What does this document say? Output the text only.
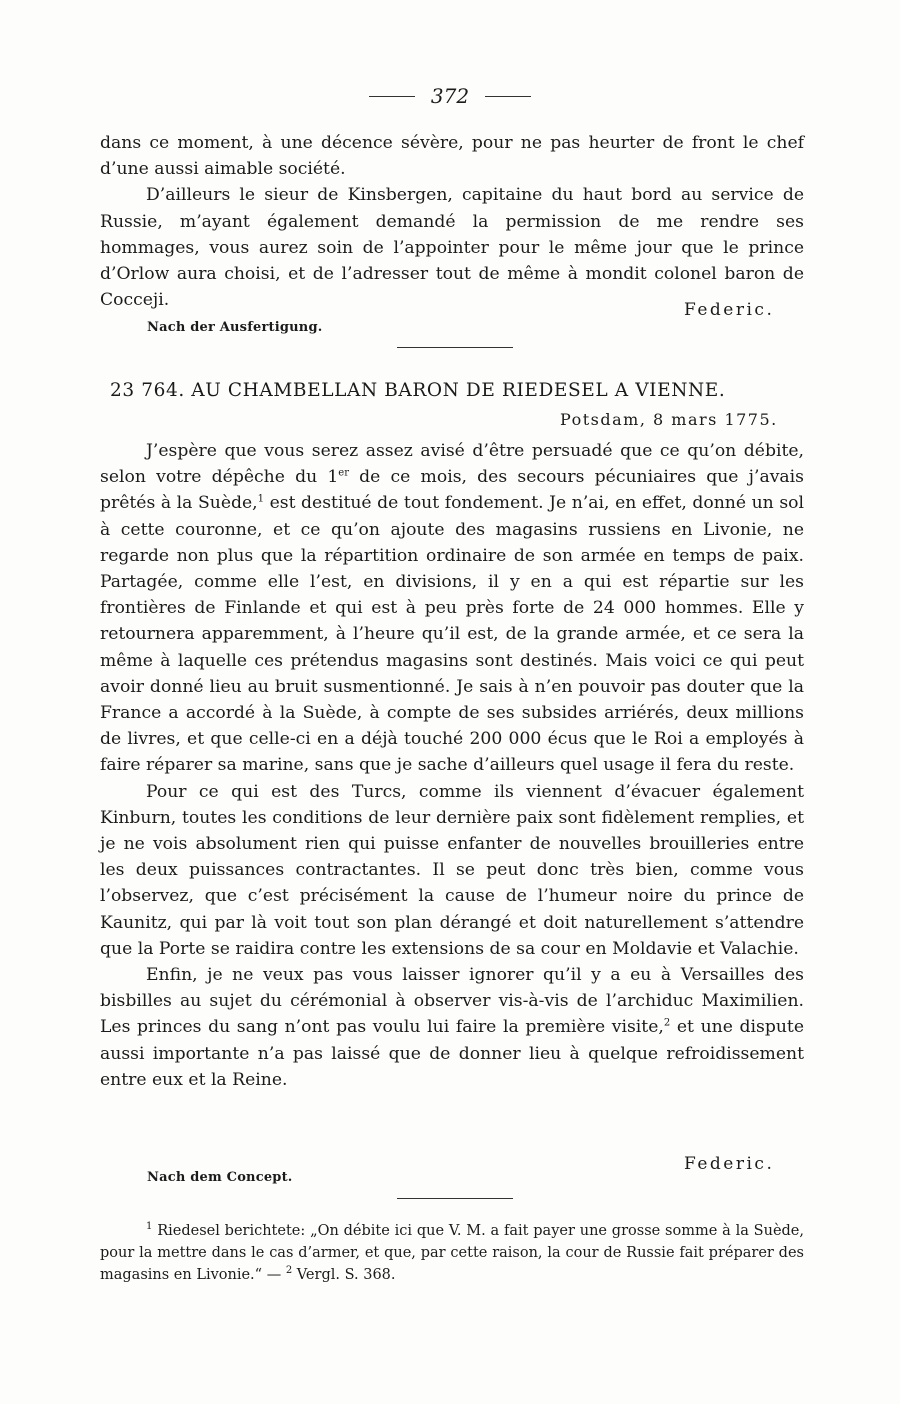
372

dans ce moment, à une décence sévère, pour ne pas heurter de front le chef d’une aussi aimable société.

D’ailleurs le sieur de Kinsbergen, capitaine du haut bord au service de Russie, m’ayant également demandé la permission de me rendre ses hommages, vous aurez soin de l’appointer pour le même jour que le prince d’Orlow aura choisi, et de l’adresser tout de même à mondit colonel baron de Cocceji.	Federic.
Nach der Ausfertigung.
23 764. AU CHAMBELLAN BARON DE RIEDESEL A VIENNE.
Potsdam, 8 mars 1775.

J’espère que vous serez assez avisé d’être persuadé que ce qu’on débite, selon votre dépêche du 1er de ce mois, des secours pécuniaires que j’avais prêtés à la Suède,$^1$ est destitué de tout fondement. Je n’ai, en effet, donné un sol à cette couronne, et ce qu’on ajoute des magasins russiens en Livonie, ne regarde non plus que la répartition ordinaire de son armée en temps de paix. Partagée, comme elle l’est, en divisions, il y en a qui est répartie sur les frontières de Finlande et qui est à peu près forte de 24 000 hommes. Elle y retournera apparemment, à l’heure qu’il est, de la grande armée, et ce sera la même à laquelle ces prétendus magasins sont destinés. Mais voici ce qui peut avoir donné lieu au bruit susmentionné. Je sais à n’en pouvoir pas douter que la France a accordé à la Suède, à compte de ses subsides arriérés, deux millions de livres, et que celle-ci en a déjà touché 200 000 écus que le Roi a employés à faire réparer sa marine, sans que je sache d’ailleurs quel usage il fera du reste.

Pour ce qui est des Turcs, comme ils viennent d’évacuer également Kinburn, toutes les conditions de leur dernière paix sont fidèlement remplies, et je ne vois absolument rien qui puisse enfanter de nouvelles brouilleries entre les deux puissances contractantes. Il se peut donc très bien, comme vous l’observez, que c’est précisément la cause de l’humeur noire du prince de Kaunitz, qui par là voit tout son plan dérangé et doit naturellement s’attendre que la Porte se raidira contre les extensions de sa cour en Moldavie et Valachie.

Enfin, je ne veux pas vous laisser ignorer qu’il y a eu à Versailles des bisbilles au sujet du cérémonial à observer vis-à-vis de l’archiduc Maximilien. Les princes du sang n’ont pas voulu lui faire la première visite,$^2$ et une dispute aussi importante n’a pas laissé que de donner lieu à quelque refroidissement entre eux et la Reine.

Federic.
Nach dem Concept.
$^1$ Riedesel berichtete: „On débite ici que V. M. a fait payer une grosse somme à la Suède, pour la mettre dans le cas d’armer, et que, par cette raison, la cour de Russie fait préparer des magasins en Livonie.“ — $^2$ Vergl. S. 368.
